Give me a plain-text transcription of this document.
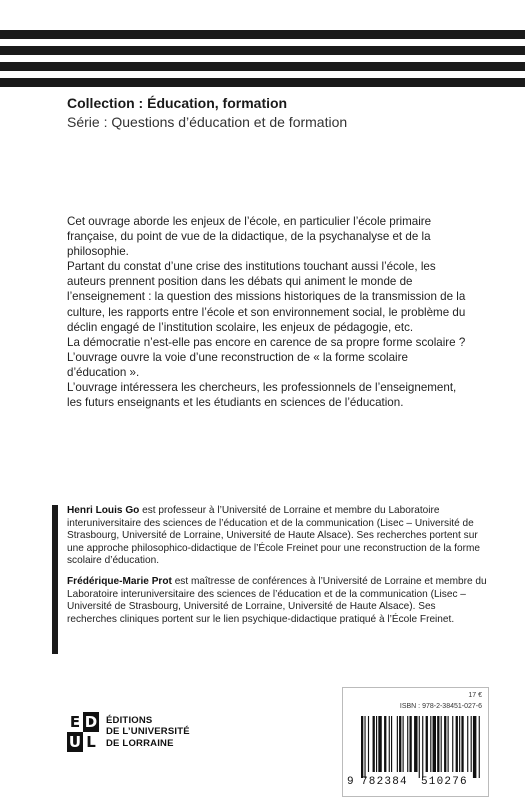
Collection : Éducation, formation
Série : Questions d’éducation et de formation

Cet ouvrage aborde les enjeux de l’école, en particulier l’école primaire française, du point de vue de la didactique, de la psychanalyse et de la philosophie.

Partant du constat d’une crise des institutions touchant aussi l’école, les auteurs prennent position dans les débats qui animent le monde de l’enseignement : la question des missions historiques de la transmission de la culture, les rapports entre l’école et son environnement social, le problème du déclin engagé de l’institution scolaire, les enjeux de pédagogie, etc.

La démocratie n’est-elle pas encore en carence de sa propre forme scolaire ? L’ouvrage ouvre la voie d’une reconstruction de « la forme scolaire d’éducation ».

L’ouvrage intéressera les chercheurs, les professionnels de l’enseignement, les futurs enseignants et les étudiants en sciences de l’éducation.

Henri Louis Go est professeur à l’Université de Lorraine et membre du Laboratoire interuniversitaire des sciences de l’éducation et de la communication (Lisec – Université de Strasbourg, Université de Lorraine, Université de Haute Alsace). Ses recherches portent sur une approche philosophico-didactique de l’École Freinet pour une reconstruction de la forme scolaire d’éducation.

Frédérique-Marie Prot est maîtresse de conférences à l’Université de Lorraine et membre du Laboratoire interuniversitaire des sciences de l’éducation et de la communication (Lisec – Université de Strasbourg, Université de Lorraine, Université de Haute Alsace). Ses recherches cliniques portent sur le lien psychique-didactique pratiqué à l’École Freinet.

E D
U L
ÉDITIONS
DE L’UNIVERSITÉ
DE LORRAINE
17 €
ISBN : 978-2-38451-027-6
9 782384	510276
